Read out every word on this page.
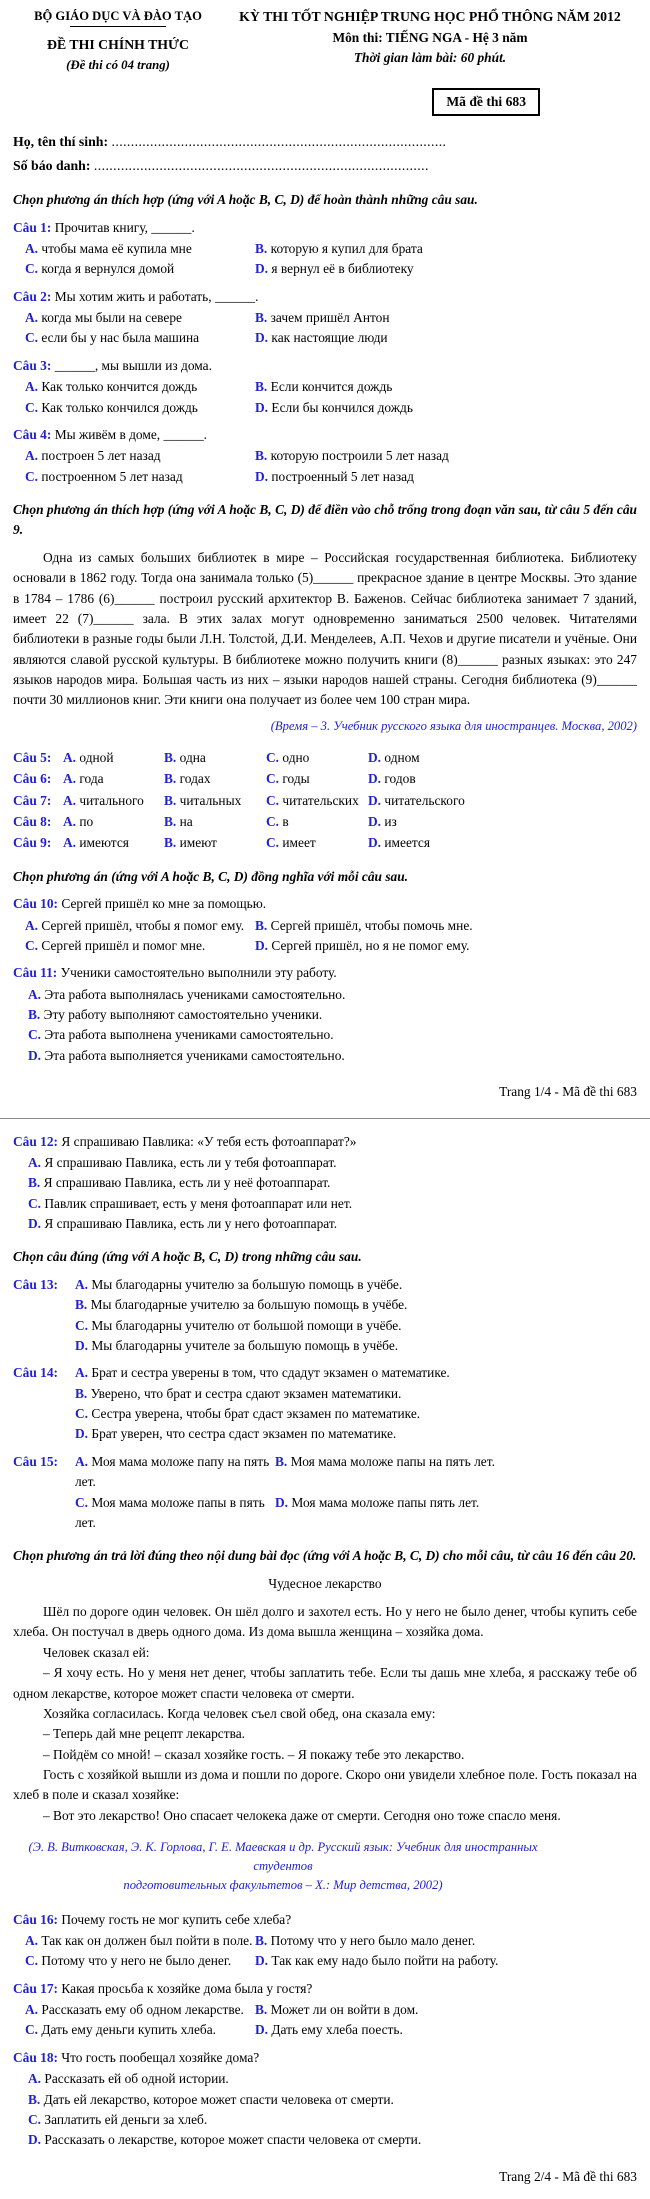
BỘ GIÁO DỤC VÀ ĐÀO TẠO
ĐỀ THI CHÍNH THỨC
(Đề thi có 04 trang)
KỲ THI TỐT NGHIỆP TRUNG HỌC PHỔ THÔNG NĂM 2012
Môn thi: TIẾNG NGA - Hệ 3 năm
Thời gian làm bài: 60 phút.
Mã đề thi 683
Họ, tên thí sinh: .......................................................................................
Số báo danh: .......................................................................................
Chọn phương án thích hợp (ứng với A hoặc B, C, D) để hoàn thành những câu sau.
Câu 1: Прочитав книгу, ______.
A. чтобы мама её купила мне	B. которую я купил для брата
C. когда я вернулся домой	D. я вернул её в библиотеку
Câu 2: Мы хотим жить и работать, ______.
A. когда мы были на севере	B. зачем пришёл Антон
C. если бы у нас была машина	D. как настоящие люди
Câu 3: ______, мы вышли из дома.
A. Как только кончится дождь	B. Если кончится дождь
C. Как только кончился дождь	D. Если бы кончился дождь
Câu 4: Мы живём в доме, ______.
A. построен 5 лет назад	B. которую построили 5 лет назад
C. построенном 5 лет назад	D. построенный 5 лет назад
Chọn phương án thích hợp (ứng với A hoặc B, C, D) để điền vào chỗ trống trong đoạn văn sau, từ câu 5 đến câu 9.
Одна из самых больших библиотек в мире – Российская государственная библиотека. Библиотеку основали в 1862 году. Тогда она занимала только (5)______ прекрасное здание в центре Москвы. Это здание в 1784 – 1786 (6)______ построил русский архитектор В. Баженов. Сейчас библиотека занимает 7 зданий, имеет 22 (7)______ зала. В этих залах могут одновременно заниматься 2500 человек. Читателями библиотеки в разные годы были Л.Н. Толстой, Д.И. Менделеев, А.П. Чехов и другие писатели и учёные. Они являются славой русской культуры. В библиотеке можно получить книги (8)______ разных языках: это 247 языков народов мира. Большая часть из них – языки народов нашей страны. Сегодня библиотека (9)______ почти 30 миллионов книг. Эти книги она получает из более чем 100 стран мира.
(Время – 3. Учебник русского языка для иностранцев. Москва, 2002)
Câu 5: A. одной	B. одна	C. одно	D. одном
Câu 6: A. года	B. годах	C. годы	D. годов
Câu 7: A. читального	B. читальных	C. читательских D. читательского
Câu 8: A. по	B. на	C. в	D. из
Câu 9: A. имеются	B. имеют	C. имеет	D. имеется
Chọn phương án (ứng với A hoặc B, C, D) đồng nghĩa với mỗi câu sau.
Câu 10: Сергей пришёл ко мне за помощью.
A. Сергей пришёл, чтобы я помог ему. B. Сергей пришёл, чтобы помочь мне.
C. Сергей пришёл и помог мне.	D. Сергей пришёл, но я не помог ему.
Câu 11: Ученики самостоятельно выполнили эту работу.
A. Эта работа выполнялась учениками самостоятельно.
B. Эту работу выполняют самостоятельно ученики.
C. Эта работа выполнена учениками самостоятельно.
D. Эта работа выполняется учениками самостоятельно.
Trang 1/4 - Mã đề thi 683
Câu 12: Я спрашиваю Павлика: «У тебя есть фотоаппарат?»
A. Я спрашиваю Павлика, есть ли у тебя фотоаппарат.
B. Я спрашиваю Павлика, есть ли у неё фотоаппарат.
C. Павлик спрашивает, есть у меня фотоаппарат или нет.
D. Я спрашиваю Павлика, есть ли у него фотоаппарат.
Chọn câu đúng (ứng với A hoặc B, C, D) trong những câu sau.
Câu 13:	A. Мы благодарны учителю за большую помощь в учёбе.
B. Мы благодарные учителю за большую помощь в учёбе.
C. Мы благодарны учителю от большой помощи в учёбе.
D. Мы благодарны учителе за большую помощь в учёбе.
Câu 14:	A. Брат и сестра уверены в том, что сдадут экзамен о математике.
B. Уверено, что брат и сестра сдают экзамен математики.
C. Сестра уверена, чтобы брат сдаст экзамен по математике.
D. Брат уверен, что сестра сдаст экзамен по математике.
Câu 15:	A. Моя мама моложе папу на пять лет.
B. Моя мама моложе папы на пять лет.
C. Моя мама моложе папы в пять лет.
D. Моя мама моложе папы пять лет.
Chọn phương án trả lời đúng theo nội dung bài đọc (ứng với A hoặc B, C, D) cho mỗi câu, từ câu 16 đến câu 20.
Чудесное лекарство
Шёл по дороге один человек. Он шёл долго и захотел есть. Но у него не было денег, чтобы купить себе хлеба. Он постучал в дверь одного дома. Из дома вышла женщина – хозяйка дома.
Человек сказал ей:
– Я хочу есть. Но у меня нет денег, чтобы заплатить тебе. Если ты дашь мне хлеба, я расскажу тебе об одном лекарстве, которое может спасти человека от смерти.
Хозяйка согласилась. Когда человек съел свой обед, она сказала ему:
– Теперь дай мне рецепт лекарства.
– Пойдём со мной! – сказал хозяйке гость. – Я покажу тебе это лекарство.
Гость с хозяйкой вышли из дома и пошли по дороге. Скоро они увидели хлебное поле. Гость показал на хлеб в поле и сказал хозяйке:
– Вот это лекарство! Оно спасает челокека даже от смерти. Сегодня оно тоже спасло меня.
(Э. В. Витковская, Э. К. Горлова, Г. Е. Маевская и др. Русский язык: Учебник для иностранных студентов
подготовительных факультетов – Х.: Мир детства, 2002)
Câu 16: Почему гость не мог купить себе хлеба?
A. Так как он должен был пойти в поле. B. Потому что у него было мало денег.
C. Потому что у него не было денег.	D. Так как ему надо было пойти на работу.
Câu 17: Какая просьба к хозяйке дома была у гостя?
A. Рассказать ему об одном лекарстве. B. Может ли он войти в дом.
C. Дать ему деньги купить хлеба.	D. Дать ему хлеба поесть.
Câu 18: Что гость пообещал хозяйке дома?
A. Рассказать ей об одной истории.
B. Дать ей лекарство, которое может спасти человека от смерти.
C. Заплатить ей деньги за хлеб.
D. Рассказать о лекарстве, которое может спасти человека от смерти.
Trang 2/4 - Mã đề thi 683
